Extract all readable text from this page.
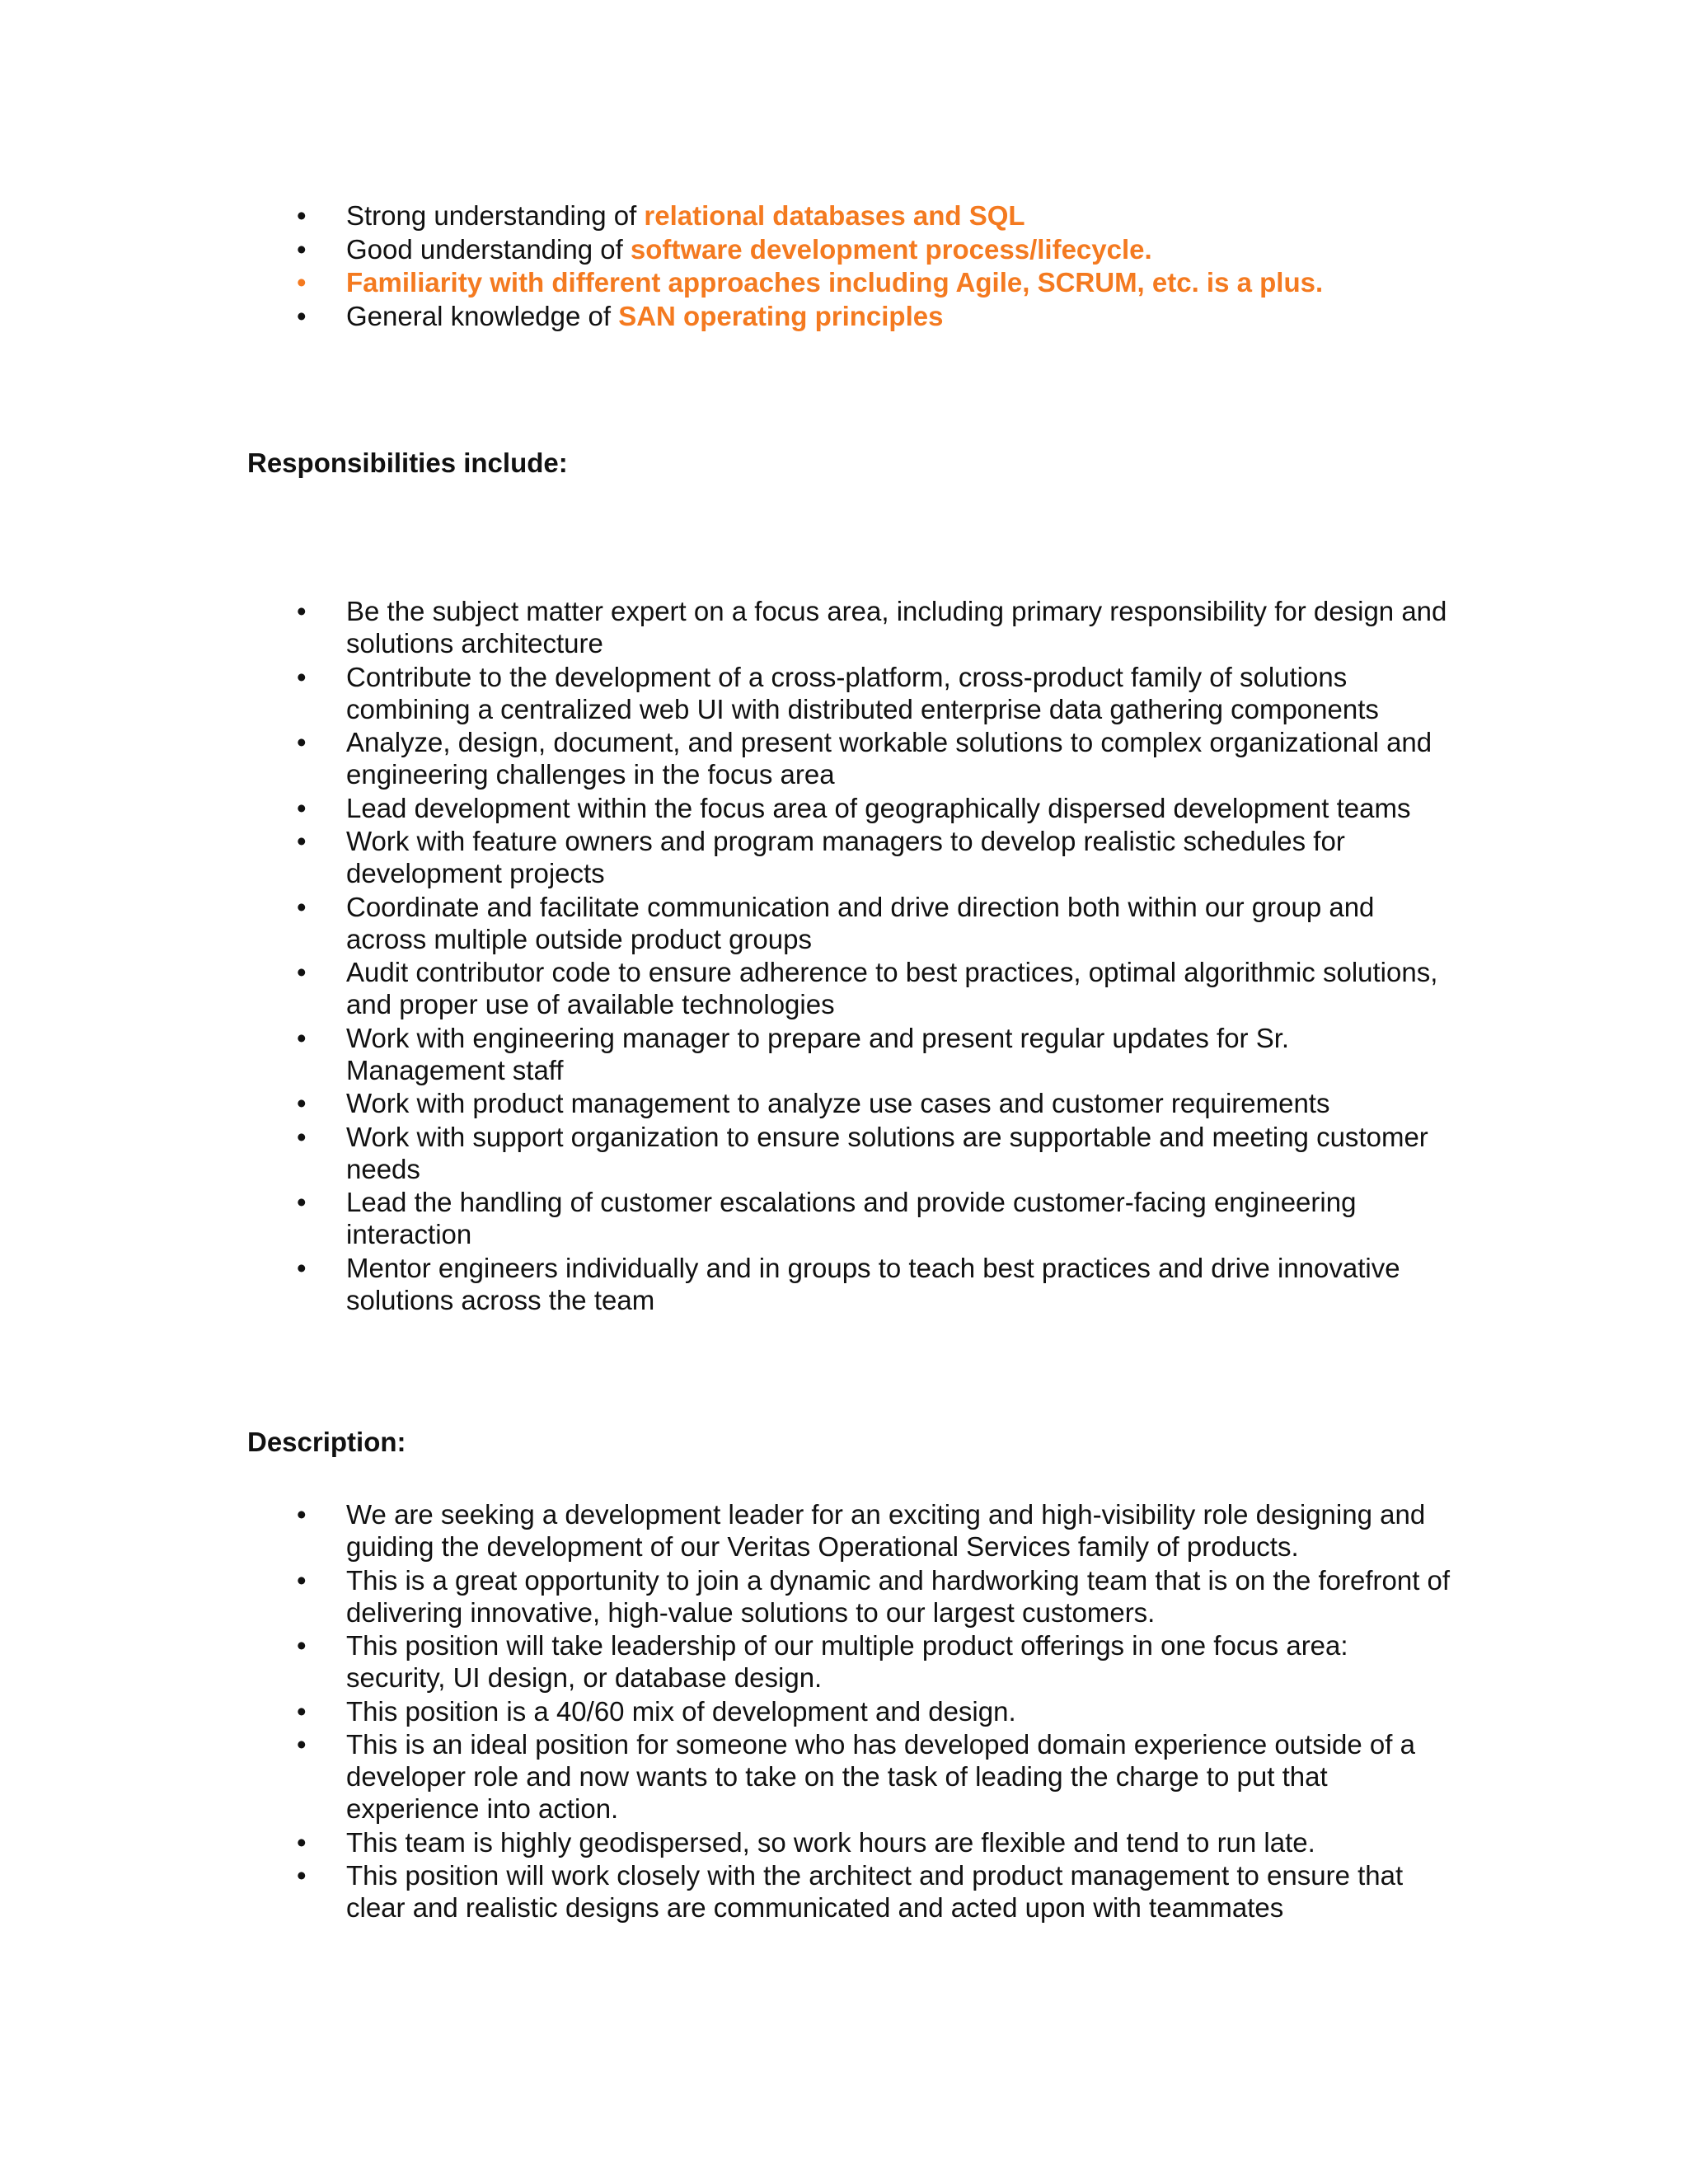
• Strong understanding of relational databases and SQL
• Good understanding of software development process/lifecycle.
• Familiarity with different approaches including Agile, SCRUM, etc. is a plus.
• General knowledge of SAN operating principles

Responsibilities include:

• Be the subject matter expert on a focus area, including primary responsibility for design and solutions architecture
• Contribute to the development of a cross-platform, cross-product family of solutions combining a centralized web UI with distributed enterprise data gathering components
• Analyze, design, document, and present workable solutions to complex organizational and engineering challenges in the focus area
• Lead development within the focus area of geographically dispersed development teams
• Work with feature owners and program managers to develop realistic schedules for development projects
• Coordinate and facilitate communication and drive direction both within our group and across multiple outside product groups
• Audit contributor code to ensure adherence to best practices, optimal algorithmic solutions, and proper use of available technologies
• Work with engineering manager to prepare and present regular updates for Sr. Management staff
• Work with product management to analyze use cases and customer requirements
• Work with support organization to ensure solutions are supportable and meeting customer needs
• Lead the handling of customer escalations and provide customer-facing engineering interaction
• Mentor engineers individually and in groups to teach best practices and drive innovative solutions across the team

Description:

• We are seeking a development leader for an exciting and high-visibility role designing and guiding the development of our Veritas Operational Services family of products.
• This is a great opportunity to join a dynamic and hardworking team that is on the forefront of delivering innovative, high-value solutions to our largest customers.
• This position will take leadership of our multiple product offerings in one focus area: security, UI design, or database design.
• This position is a 40/60 mix of development and design.
• This is an ideal position for someone who has developed domain experience outside of a developer role and now wants to take on the task of leading the charge to put that experience into action.
• This team is highly geodispersed, so work hours are flexible and tend to run late.
• This position will work closely with the architect and product management to ensure that clear and realistic designs are communicated and acted upon with teammates
